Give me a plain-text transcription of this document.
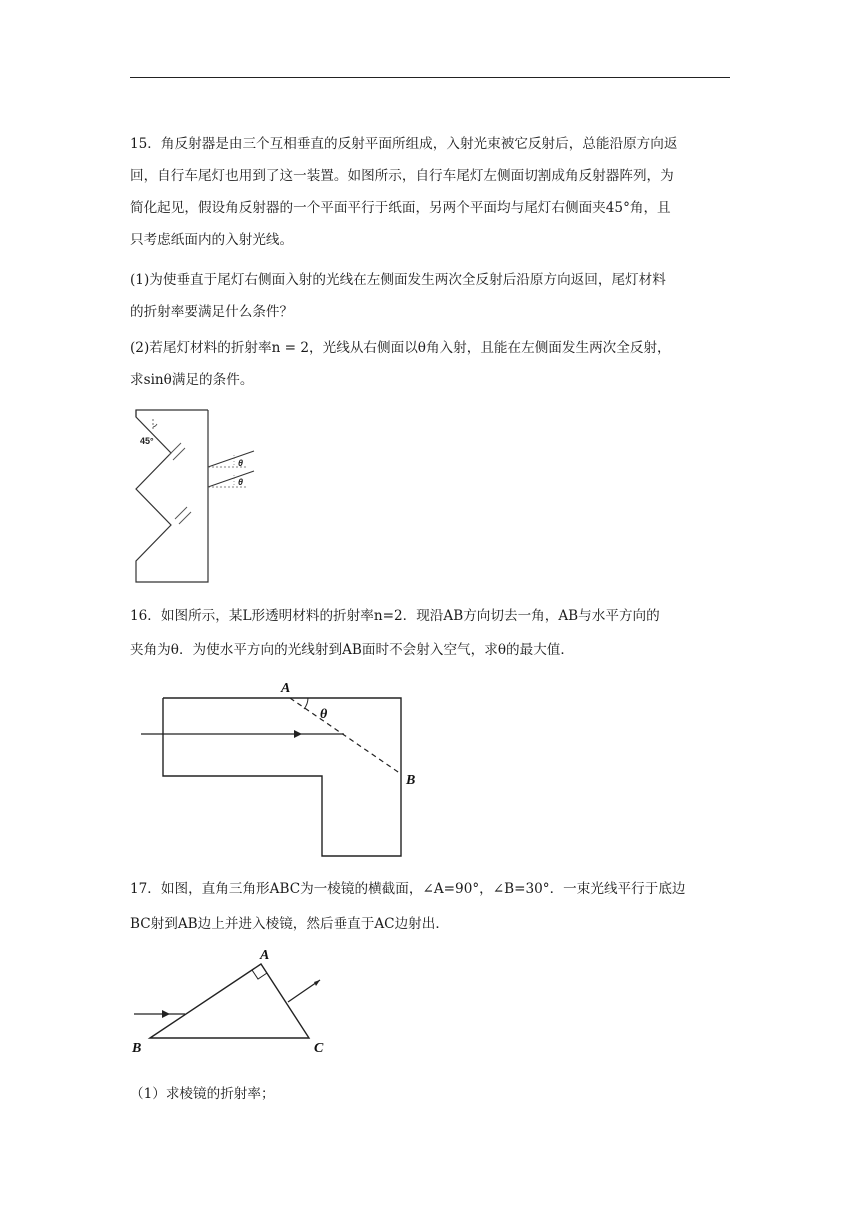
15．角反射器是由三个互相垂直的反射平面所组成，入射光束被它反射后，总能沿原方向返
回，自行车尾灯也用到了这一装置。如图所示，自行车尾灯左侧面切割成角反射器阵列，为
简化起见，假设角反射器的一个平面平行于纸面，另两个平面均与尾灯右侧面夹45°角，且
只考虑纸面内的入射光线。
(1)为使垂直于尾灯右侧面入射的光线在左侧面发生两次全反射后沿原方向返回，尾灯材料
的折射率要满足什么条件？
(2)若尾灯材料的折射率n = 2，光线从右侧面以θ角入射，且能在左侧面发生两次全反射，
求sinθ满足的条件。
45°
θ
θ
16．如图所示，某L形透明材料的折射率n=2．现沿AB方向切去一角，AB与水平方向的
夹角为θ．为使水平方向的光线射到AB面时不会射入空气，求θ的最大值．
A
B
θ
17．如图，直角三角形ABC为一棱镜的横截面，∠A=90°，∠B=30°．一束光线平行于底边
BC射到AB边上并进入棱镜，然后垂直于AC边射出．
A
B	C
（1）求棱镜的折射率；
